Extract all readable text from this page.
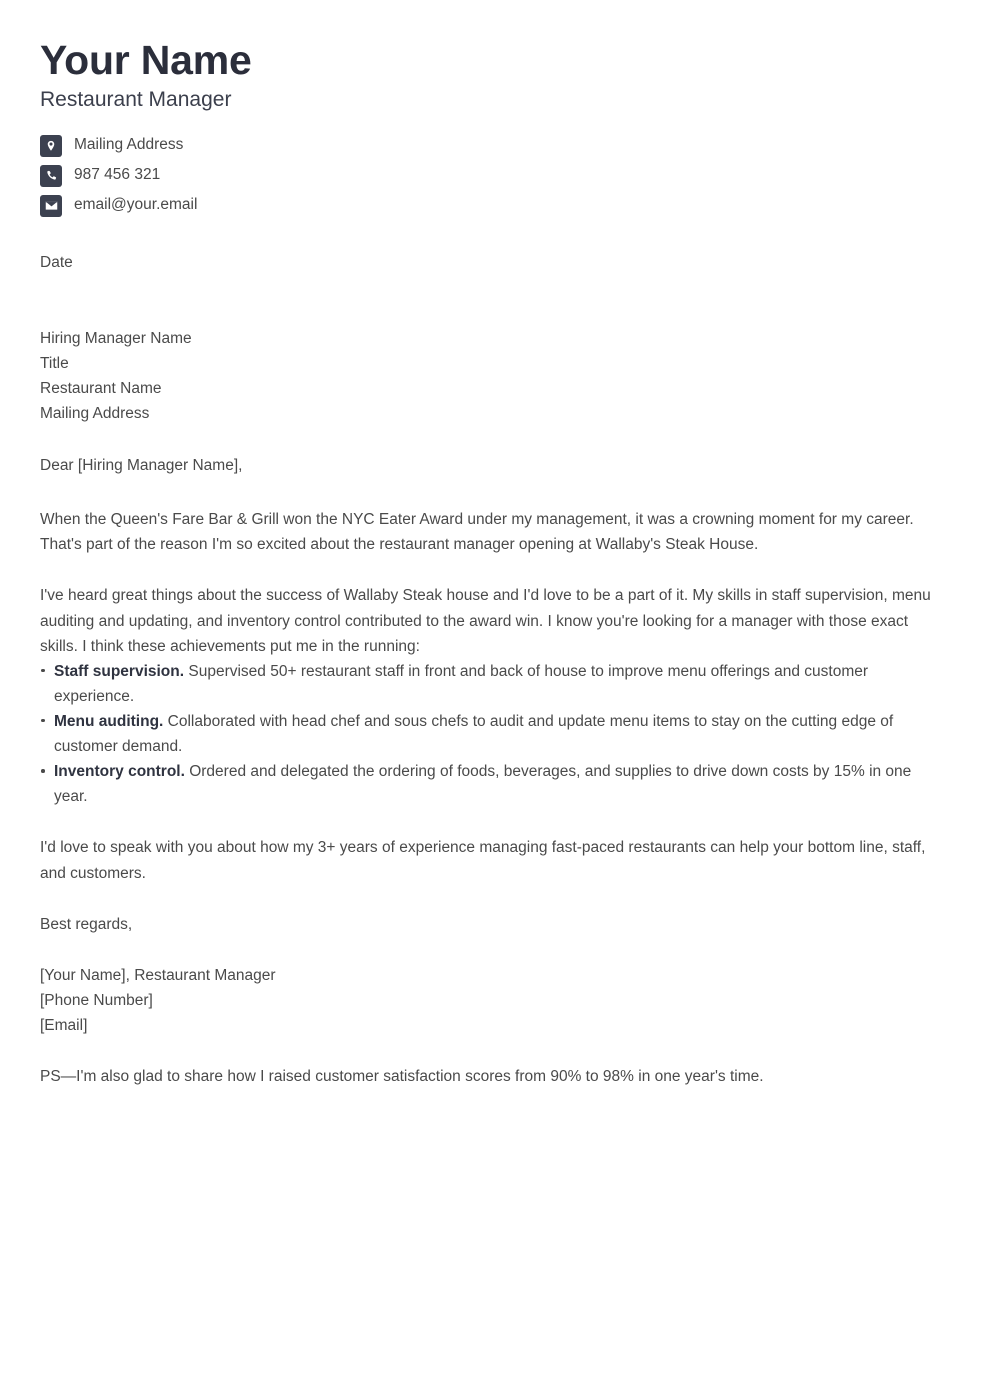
Your Name
Restaurant Manager
Mailing Address
987 456 321
email@your.email
Date
Hiring Manager Name
Title
Restaurant Name
Mailing Address
Dear [Hiring Manager Name],

When the Queen's Fare Bar & Grill won the NYC Eater Award under my management, it was a crowning moment for my career. That's part of the reason I'm so excited about the restaurant manager opening at Wallaby's Steak House.

I've heard great things about the success of Wallaby Steak house and I'd love to be a part of it. My skills in staff supervision, menu auditing and updating, and inventory control contributed to the award win. I know you're looking for a manager with those exact skills. I think these achievements put me in the running:

Staff supervision. Supervised 50+ restaurant staff in front and back of house to improve menu offerings and customer experience.
Menu auditing. Collaborated with head chef and sous chefs to audit and update menu items to stay on the cutting edge of customer demand.
Inventory control. Ordered and delegated the ordering of foods, beverages, and supplies to drive down costs by 15% in one year.

I'd love to speak with you about how my 3+ years of experience managing fast-paced restaurants can help your bottom line, staff, and customers.

Best regards,
[Your Name], Restaurant Manager
[Phone Number]
[Email]

PS—I'm also glad to share how I raised customer satisfaction scores from 90% to 98% in one year's time.
